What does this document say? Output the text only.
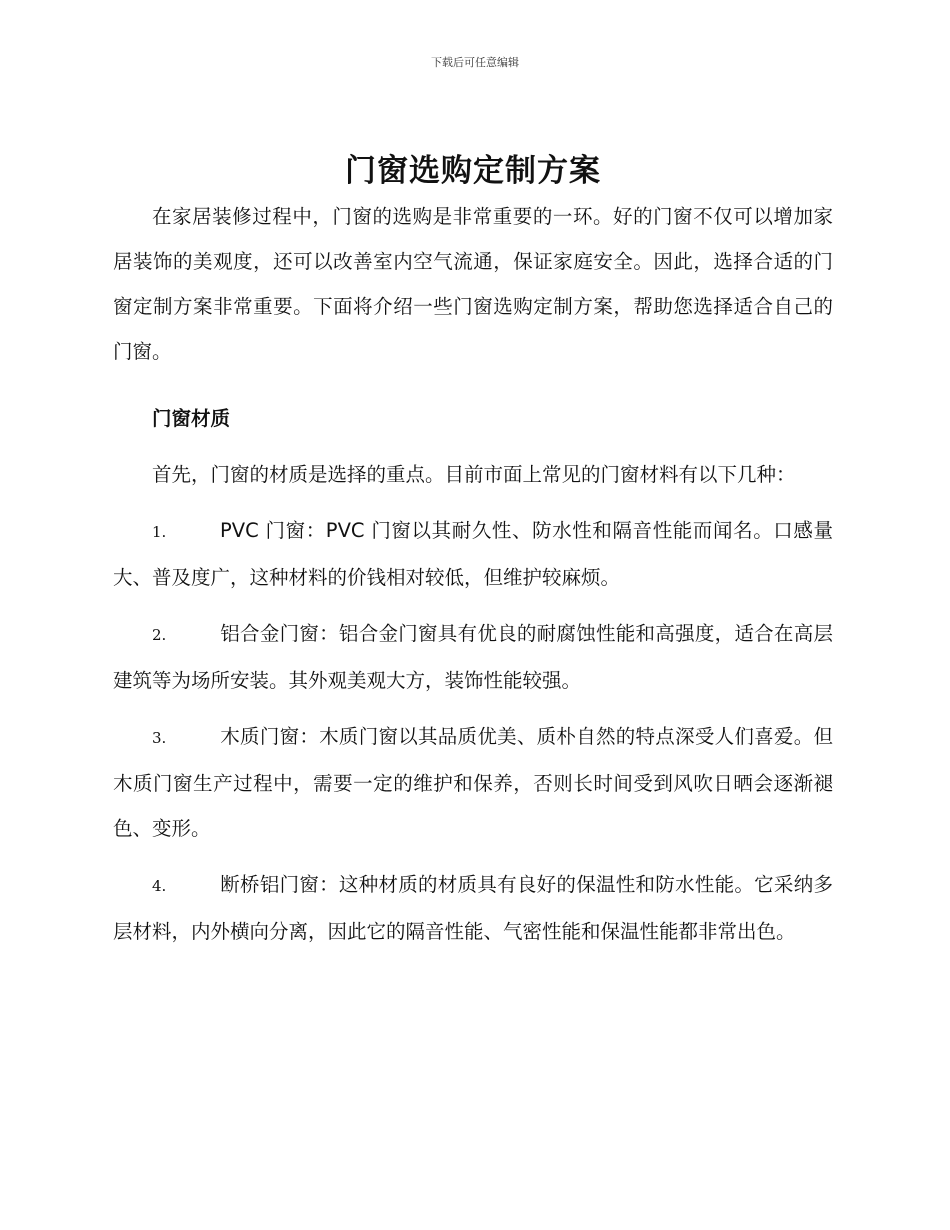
下载后可任意编辑
门窗选购定制方案

在家居装修过程中，门窗的选购是非常重要的一环。好的门窗不仅可以增加家居装饰的美观度，还可以改善室内空气流通，保证家庭安全。因此，选择合适的门窗定制方案非常重要。下面将介绍一些门窗选购定制方案，帮助您选择适合自己的门窗。

门窗材质

首先，门窗的材质是选择的重点。目前市面上常见的门窗材料有以下几种：

1.	PVC 门窗：PVC 门窗以其耐久性、防水性和隔音性能而闻名。口感量大、普及度广，这种材料的价钱相对较低，但维护较麻烦。

2.	铝合金门窗：铝合金门窗具有优良的耐腐蚀性能和高强度，适合在高层建筑等为场所安装。其外观美观大方，装饰性能较强。

3.	木质门窗：木质门窗以其品质优美、质朴自然的特点深受人们喜爱。但木质门窗生产过程中，需要一定的维护和保养，否则长时间受到风吹日晒会逐渐褪色、变形。

4.	断桥铝门窗：这种材质的材质具有良好的保温性和防水性能。它采纳多层材料，内外横向分离，因此它的隔音性能、气密性能和保温性能都非常出色。
